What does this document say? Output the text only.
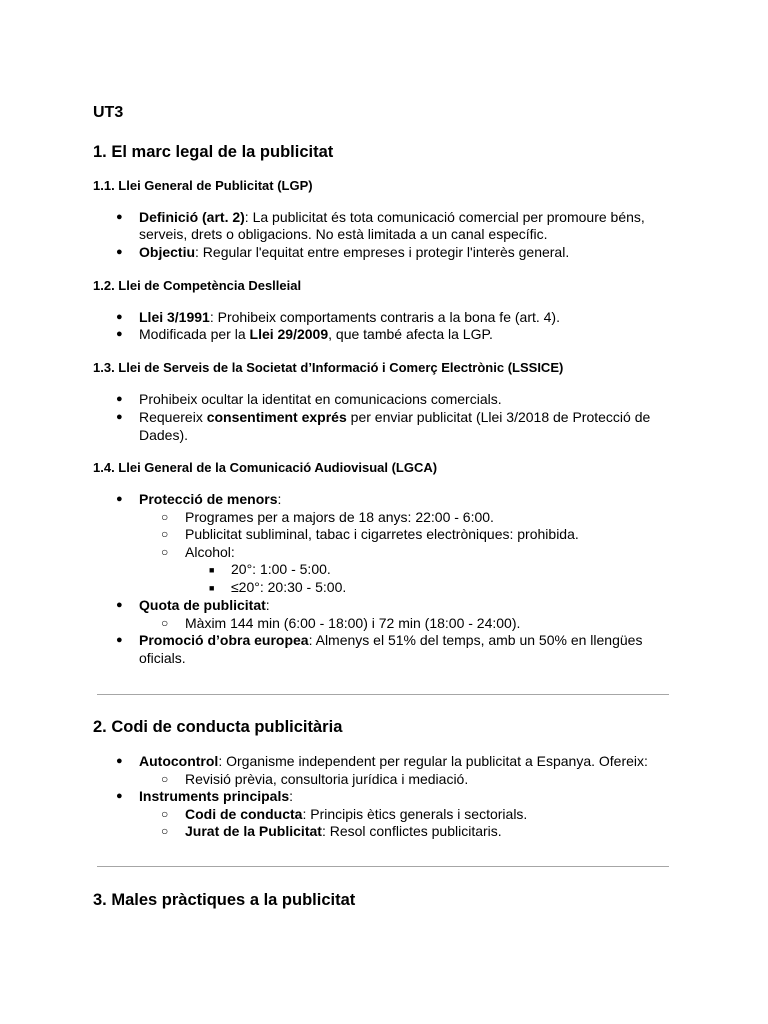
UT3
1. El marc legal de la publicitat
1.1. Llei General de Publicitat (LGP)
● Definició (art. 2): La publicitat és tota comunicació comercial per promoure béns,
serveis, drets o obligacions. No està limitada a un canal específic.
● Objectiu: Regular l'equitat entre empreses i protegir l'interès general.
1.2. Llei de Competència Deslleial
● Llei 3/1991: Prohibeix comportaments contraris a la bona fe (art. 4).
● Modificada per la Llei 29/2009, que també afecta la LGP.
1.3. Llei de Serveis de la Societat d’Informació i Comerç Electrònic (LSSICE)
● Prohibeix ocultar la identitat en comunicacions comercials.
● Requereix consentiment exprés per enviar publicitat (Llei 3/2018 de Protecció de
Dades).
1.4. Llei General de la Comunicació Audiovisual (LGCA)
● Protecció de menors:
○ Programes per a majors de 18 anys: 22:00 - 6:00.
○ Publicitat subliminal, tabac i cigarretes electròniques: prohibida.
○ Alcohol:
■ 20°: 1:00 - 5:00.
■ ≤20°: 20:30 - 5:00.
● Quota de publicitat:
○ Màxim 144 min (6:00 - 18:00) i 72 min (18:00 - 24:00).
● Promoció d’obra europea: Almenys el 51% del temps, amb un 50% en llengües
oficials.
2. Codi de conducta publicitària
● Autocontrol: Organisme independent per regular la publicitat a Espanya. Ofereix:
○ Revisió prèvia, consultoria jurídica i mediació.
● Instruments principals:
○ Codi de conducta: Principis ètics generals i sectorials.
○ Jurat de la Publicitat: Resol conflictes publicitaris.
3. Males pràctiques a la publicitat
